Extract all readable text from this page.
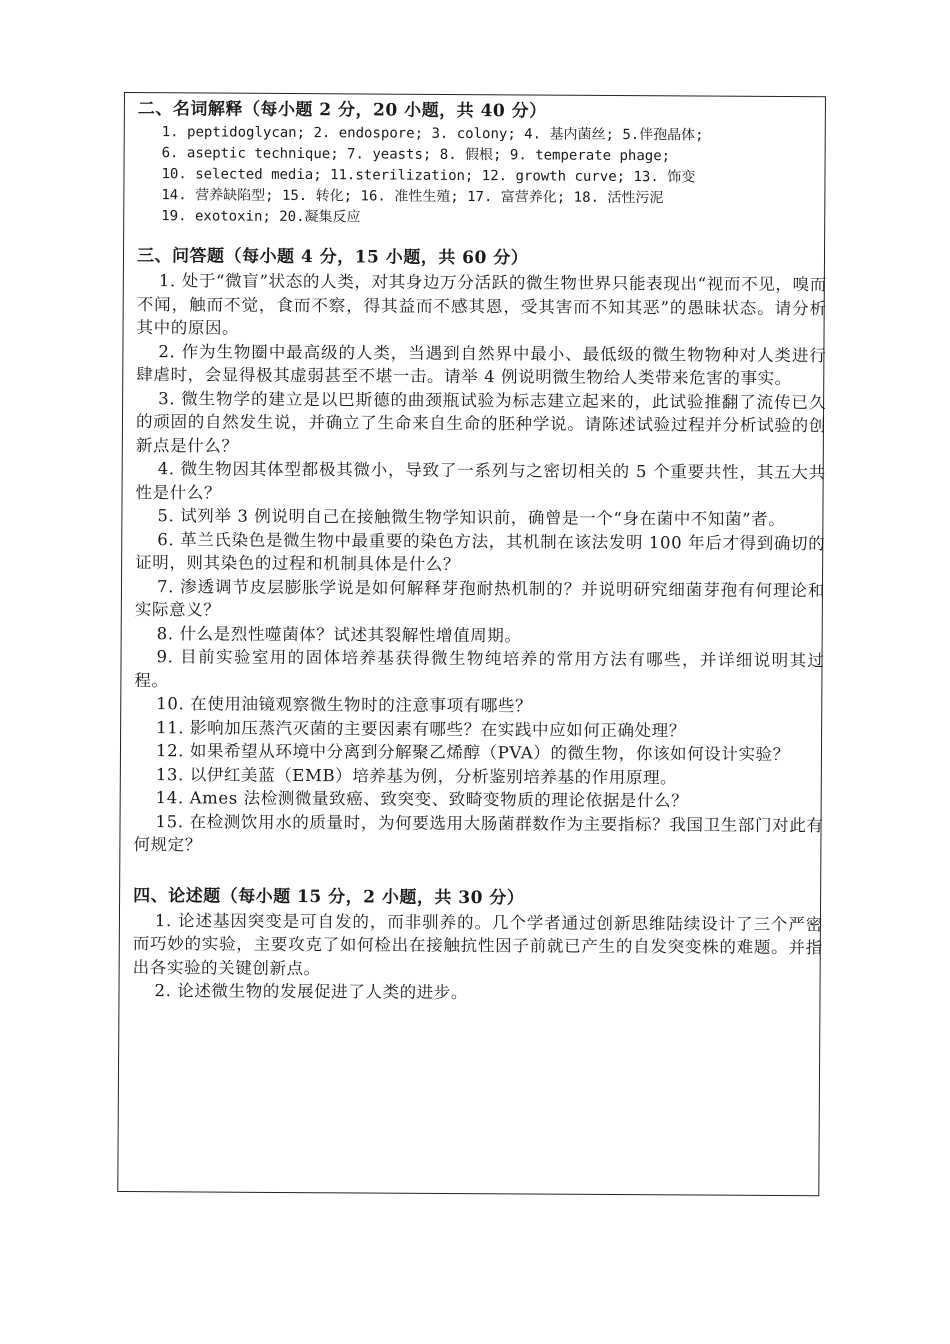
二、名词解释（每小题 2 分，20 小题，共 40 分）

1. peptidoglycan; 2. endospore; 3. colony; 4. 基内菌丝; 5.伴孢晶体;
6. aseptic technique; 7. yeasts; 8. 假根; 9. temperate phage;
10. selected media; 11.sterilization; 12. growth curve; 13. 饰变
14. 营养缺陷型; 15. 转化; 16. 准性生殖; 17. 富营养化; 18. 活性污泥
19. exotoxin; 20.凝集反应

三、问答题（每小题 4 分，15 小题，共 60 分）

1. 处于“微盲”状态的人类，对其身边万分活跃的微生物世界只能表现出“视而不见，嗅而不闻，触而不觉，食而不察，得其益而不感其恩，受其害而不知其恶”的愚昧状态。请分析其中的原因。

2. 作为生物圈中最高级的人类，当遇到自然界中最小、最低级的微生物物种对人类进行肆虐时，会显得极其虚弱甚至不堪一击。请举 4 例说明微生物给人类带来危害的事实。

3. 微生物学的建立是以巴斯德的曲颈瓶试验为标志建立起来的，此试验推翻了流传已久的顽固的自然发生说，并确立了生命来自生命的胚种学说。请陈述试验过程并分析试验的创新点是什么？

4. 微生物因其体型都极其微小，导致了一系列与之密切相关的 5 个重要共性，其五大共性是什么？

5. 试列举 3 例说明自己在接触微生物学知识前，确曾是一个“身在菌中不知菌”者。

6. 革兰氏染色是微生物中最重要的染色方法，其机制在该法发明 100 年后才得到确切的证明，则其染色的过程和机制具体是什么？

7. 渗透调节皮层膨胀学说是如何解释芽孢耐热机制的？并说明研究细菌芽孢有何理论和实际意义？

8. 什么是烈性噬菌体？试述其裂解性增值周期。

9. 目前实验室用的固体培养基获得微生物纯培养的常用方法有哪些，并详细说明其过程。

10. 在使用油镜观察微生物时的注意事项有哪些？

11. 影响加压蒸汽灭菌的主要因素有哪些？在实践中应如何正确处理？

12. 如果希望从环境中分离到分解聚乙烯醇（PVA）的微生物，你该如何设计实验？

13. 以伊红美蓝（EMB）培养基为例，分析鉴别培养基的作用原理。

14. Ames 法检测微量致癌、致突变、致畸变物质的理论依据是什么？

15. 在检测饮用水的质量时，为何要选用大肠菌群数作为主要指标？我国卫生部门对此有何规定？

四、论述题（每小题 15 分，2 小题，共 30 分）

1. 论述基因突变是可自发的，而非驯养的。几个学者通过创新思维陆续设计了三个严密而巧妙的实验，主要攻克了如何检出在接触抗性因子前就已产生的自发突变株的难题。并指出各实验的关键创新点。

2. 论述微生物的发展促进了人类的进步。
